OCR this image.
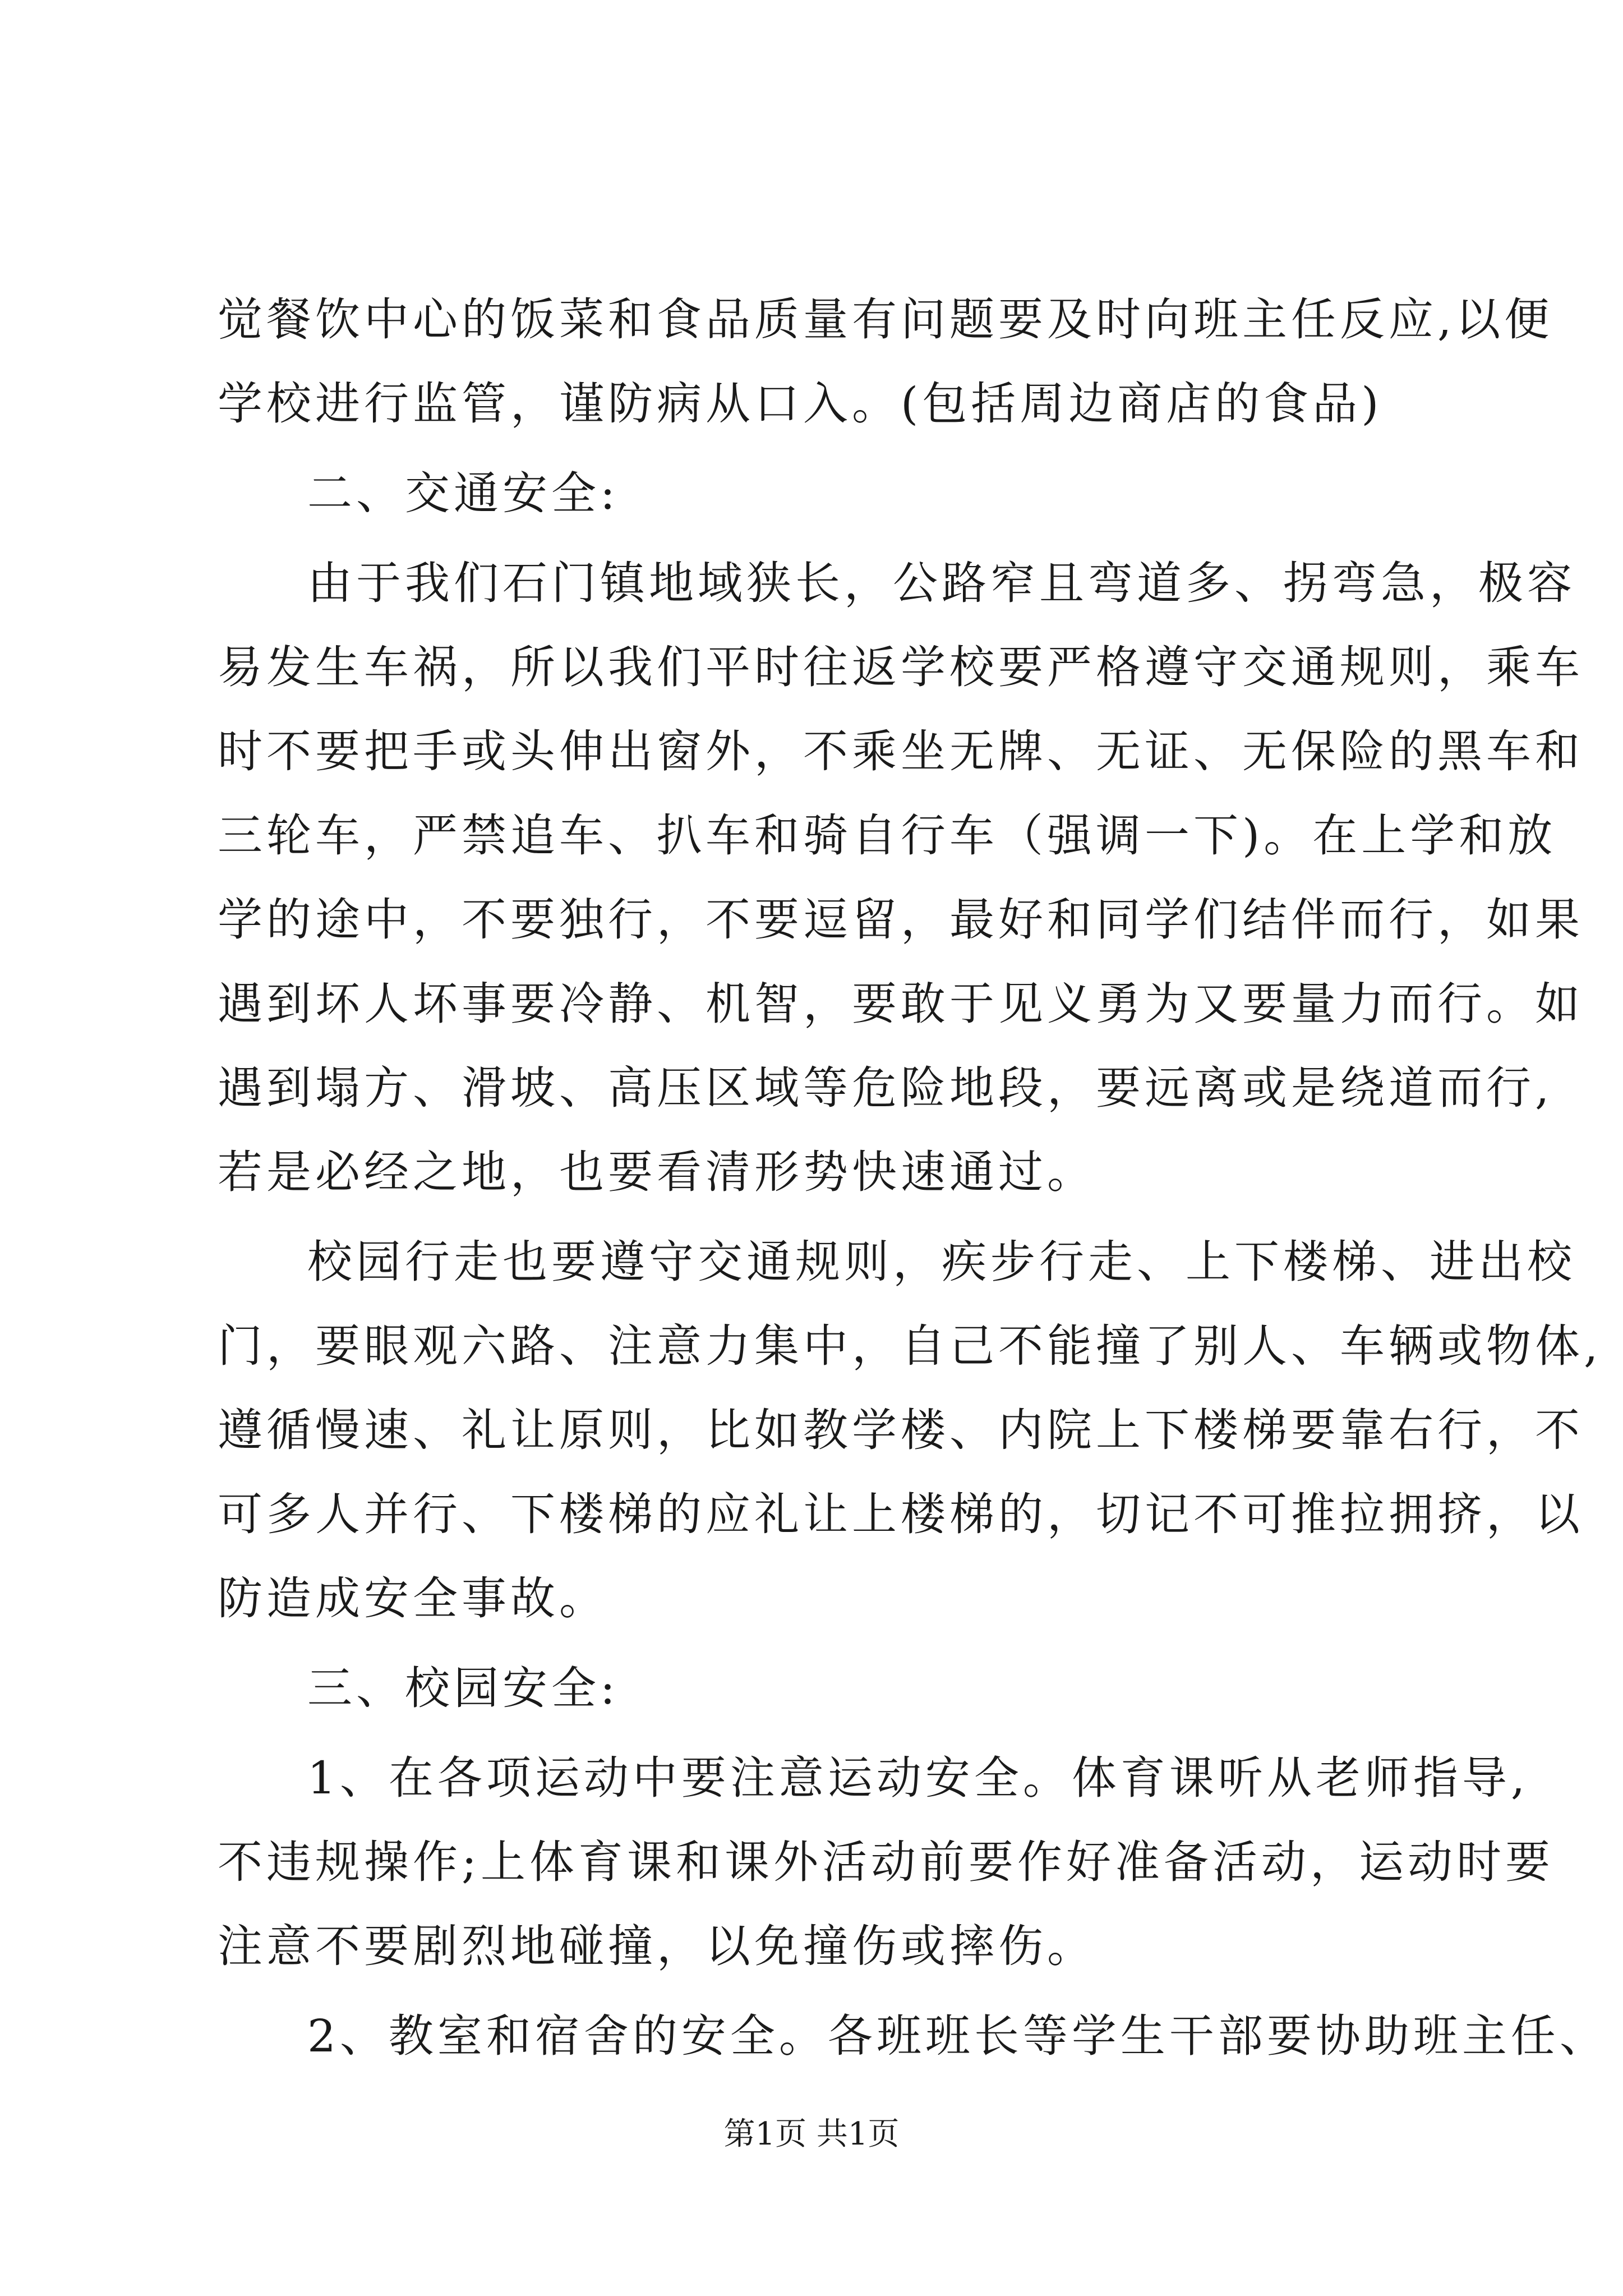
觉餐饮中心的饭菜和食品质量有问题要及时向班主任反应,以便
学校进行监管，谨防病从口入。(包括周边商店的食品)
二、交通安全:
由于我们石门镇地域狭长，公路窄且弯道多、拐弯急，极容
易发生车祸，所以我们平时往返学校要严格遵守交通规则，乘车
时不要把手或头伸出窗外，不乘坐无牌、无证、无保险的黑车和
三轮车，严禁追车、扒车和骑自行车（强调一下)。在上学和放
学的途中，不要独行，不要逗留，最好和同学们结伴而行，如果
遇到坏人坏事要冷静、机智，要敢于见义勇为又要量力而行。如
遇到塌方、滑坡、高压区域等危险地段，要远离或是绕道而行,
若是必经之地，也要看清形势快速通过。
校园行走也要遵守交通规则，疾步行走、上下楼梯、进出校
门，要眼观六路、注意力集中，自己不能撞了别人、车辆或物体,
遵循慢速、礼让原则，比如教学楼、内院上下楼梯要靠右行，不
可多人并行、下楼梯的应礼让上楼梯的，切记不可推拉拥挤，以
防造成安全事故。
三、校园安全:
1、在各项运动中要注意运动安全。体育课听从老师指导,
不违规操作;上体育课和课外活动前要作好准备活动，运动时要
注意不要剧烈地碰撞，以免撞伤或摔伤。
2、教室和宿舍的安全。各班班长等学生干部要协助班主任、
第1页 共1页
